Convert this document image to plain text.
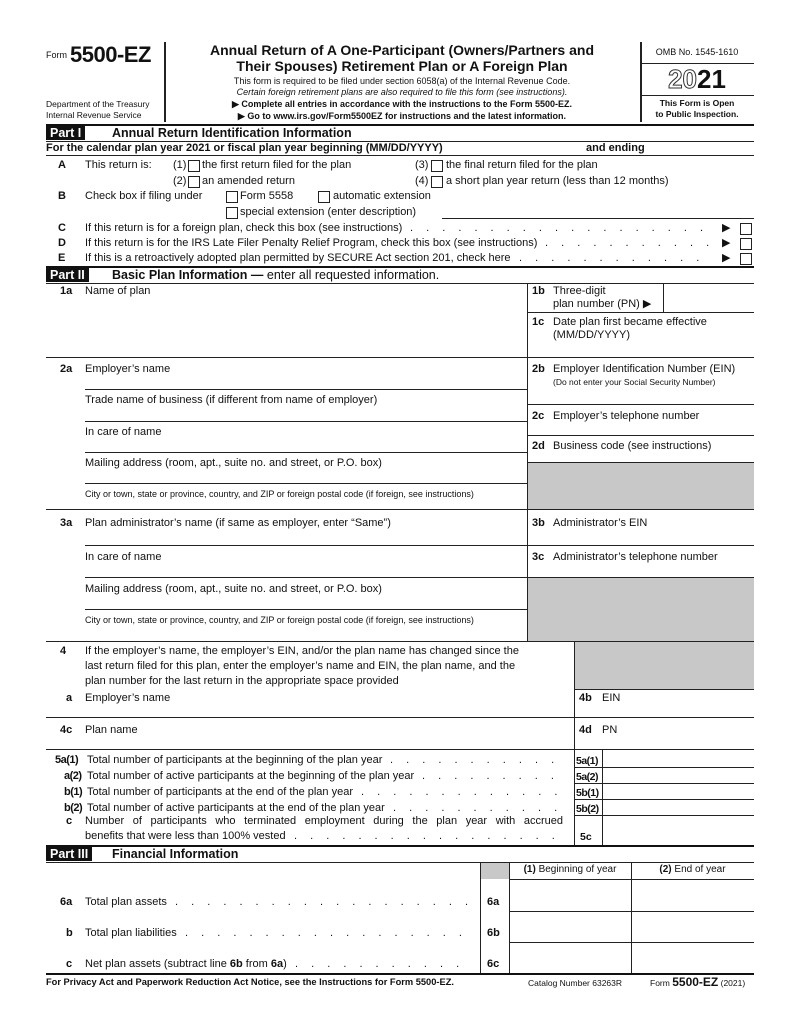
Form 5500-EZ
Department of the Treasury
Internal Revenue Service
Annual Return of A One-Participant (Owners/Partners and
Their Spouses) Retirement Plan or A Foreign Plan
This form is required to be filed under section 6058(a) of the Internal Revenue Code.
Certain foreign retirement plans are also required to file this form (see instructions).
▶ Complete all entries in accordance with the instructions to the Form 5500-EZ.
▶ Go to www.irs.gov/Form5500EZ for instructions and the latest information.
OMB No. 1545-1610
2021
This Form is Open
to Public Inspection.
Part I	Annual Return Identification Information
For the calendar plan year 2021 or fiscal plan year beginning (MM/DD/YYYY)	and ending
A This return is: (1) the first return filed for the plan	(3) the final return filed for the plan
(2) an amended return	(4) a short plan year return (less than 12 months)
B Check box if filing under	Form 5558	automatic extension
special extension (enter description)
C If this return is for a foreign plan, check this box (see instructions) . . . . . . . . . . . . . . . . . . . ▶
D If this return is for the IRS Late Filer Penalty Relief Program, check this box (see instructions) . . . . . . . . . . . ▶
E If this is a retroactively adopted plan permitted by SECURE Act section 201, check here . . . . . . . . . . . . ▶
Part II	Basic Plan Information — enter all requested information.
1a Name of plan	1b Three-digit
plan number (PN) ▶
1c Date plan first became effective
(MM/DD/YYYY)
2a Employer’s name
Trade name of business (if different from name of employer)
In care of name
Mailing address (room, apt., suite no. and street, or P.O. box)
City or town, state or province, country, and ZIP or foreign postal code (if foreign, see instructions)
2b Employer Identification Number (EIN)
(Do not enter your Social Security Number)
2c Employer’s telephone number
2d Business code (see instructions)
3a Plan administrator’s name (if same as employer, enter “Same”)
In care of name
Mailing address (room, apt., suite no. and street, or P.O. box)
City or town, state or province, country, and ZIP or foreign postal code (if foreign, see instructions)
3b Administrator’s EIN
3c Administrator’s telephone number
4 If the employer’s name, the employer’s EIN, and/or the plan name has changed since the
last return filed for this plan, enter the employer’s name and EIN, the plan name, and the
plan number for the last return in the appropriate space provided
a Employer’s name	4b EIN
4c Plan name	4d PN
5a(1) Total number of participants at the beginning of the plan year . . . . . . . . . . . 5a(1)
a(2) Total number of active participants at the beginning of the plan year . . . . . . . . . 5a(2)
b(1) Total number of participants at the end of the plan year . . . . . . . . . . . . . 5b(1)
b(2) Total number of active participants at the end of the plan year . . . . . . . . . . . 5b(2)
c Number of participants who terminated employment during the plan year with accrued
benefits that were less than 100% vested . . . . . . . . . . . . . . . . . 5c
Part III	Financial Information
(1) Beginning of year	(2) End of year
6a Total plan assets . . . . . . . . . . . . . . . . . . . 6a
b Total plan liabilities . . . . . . . . . . . . . . . . . . 6b
c Net plan assets (subtract line 6b from 6a) . . . . . . . . . . . 6c
For Privacy Act and Paperwork Reduction Act Notice, see the Instructions for Form 5500-EZ.	Catalog Number 63263R	Form 5500-EZ (2021)
